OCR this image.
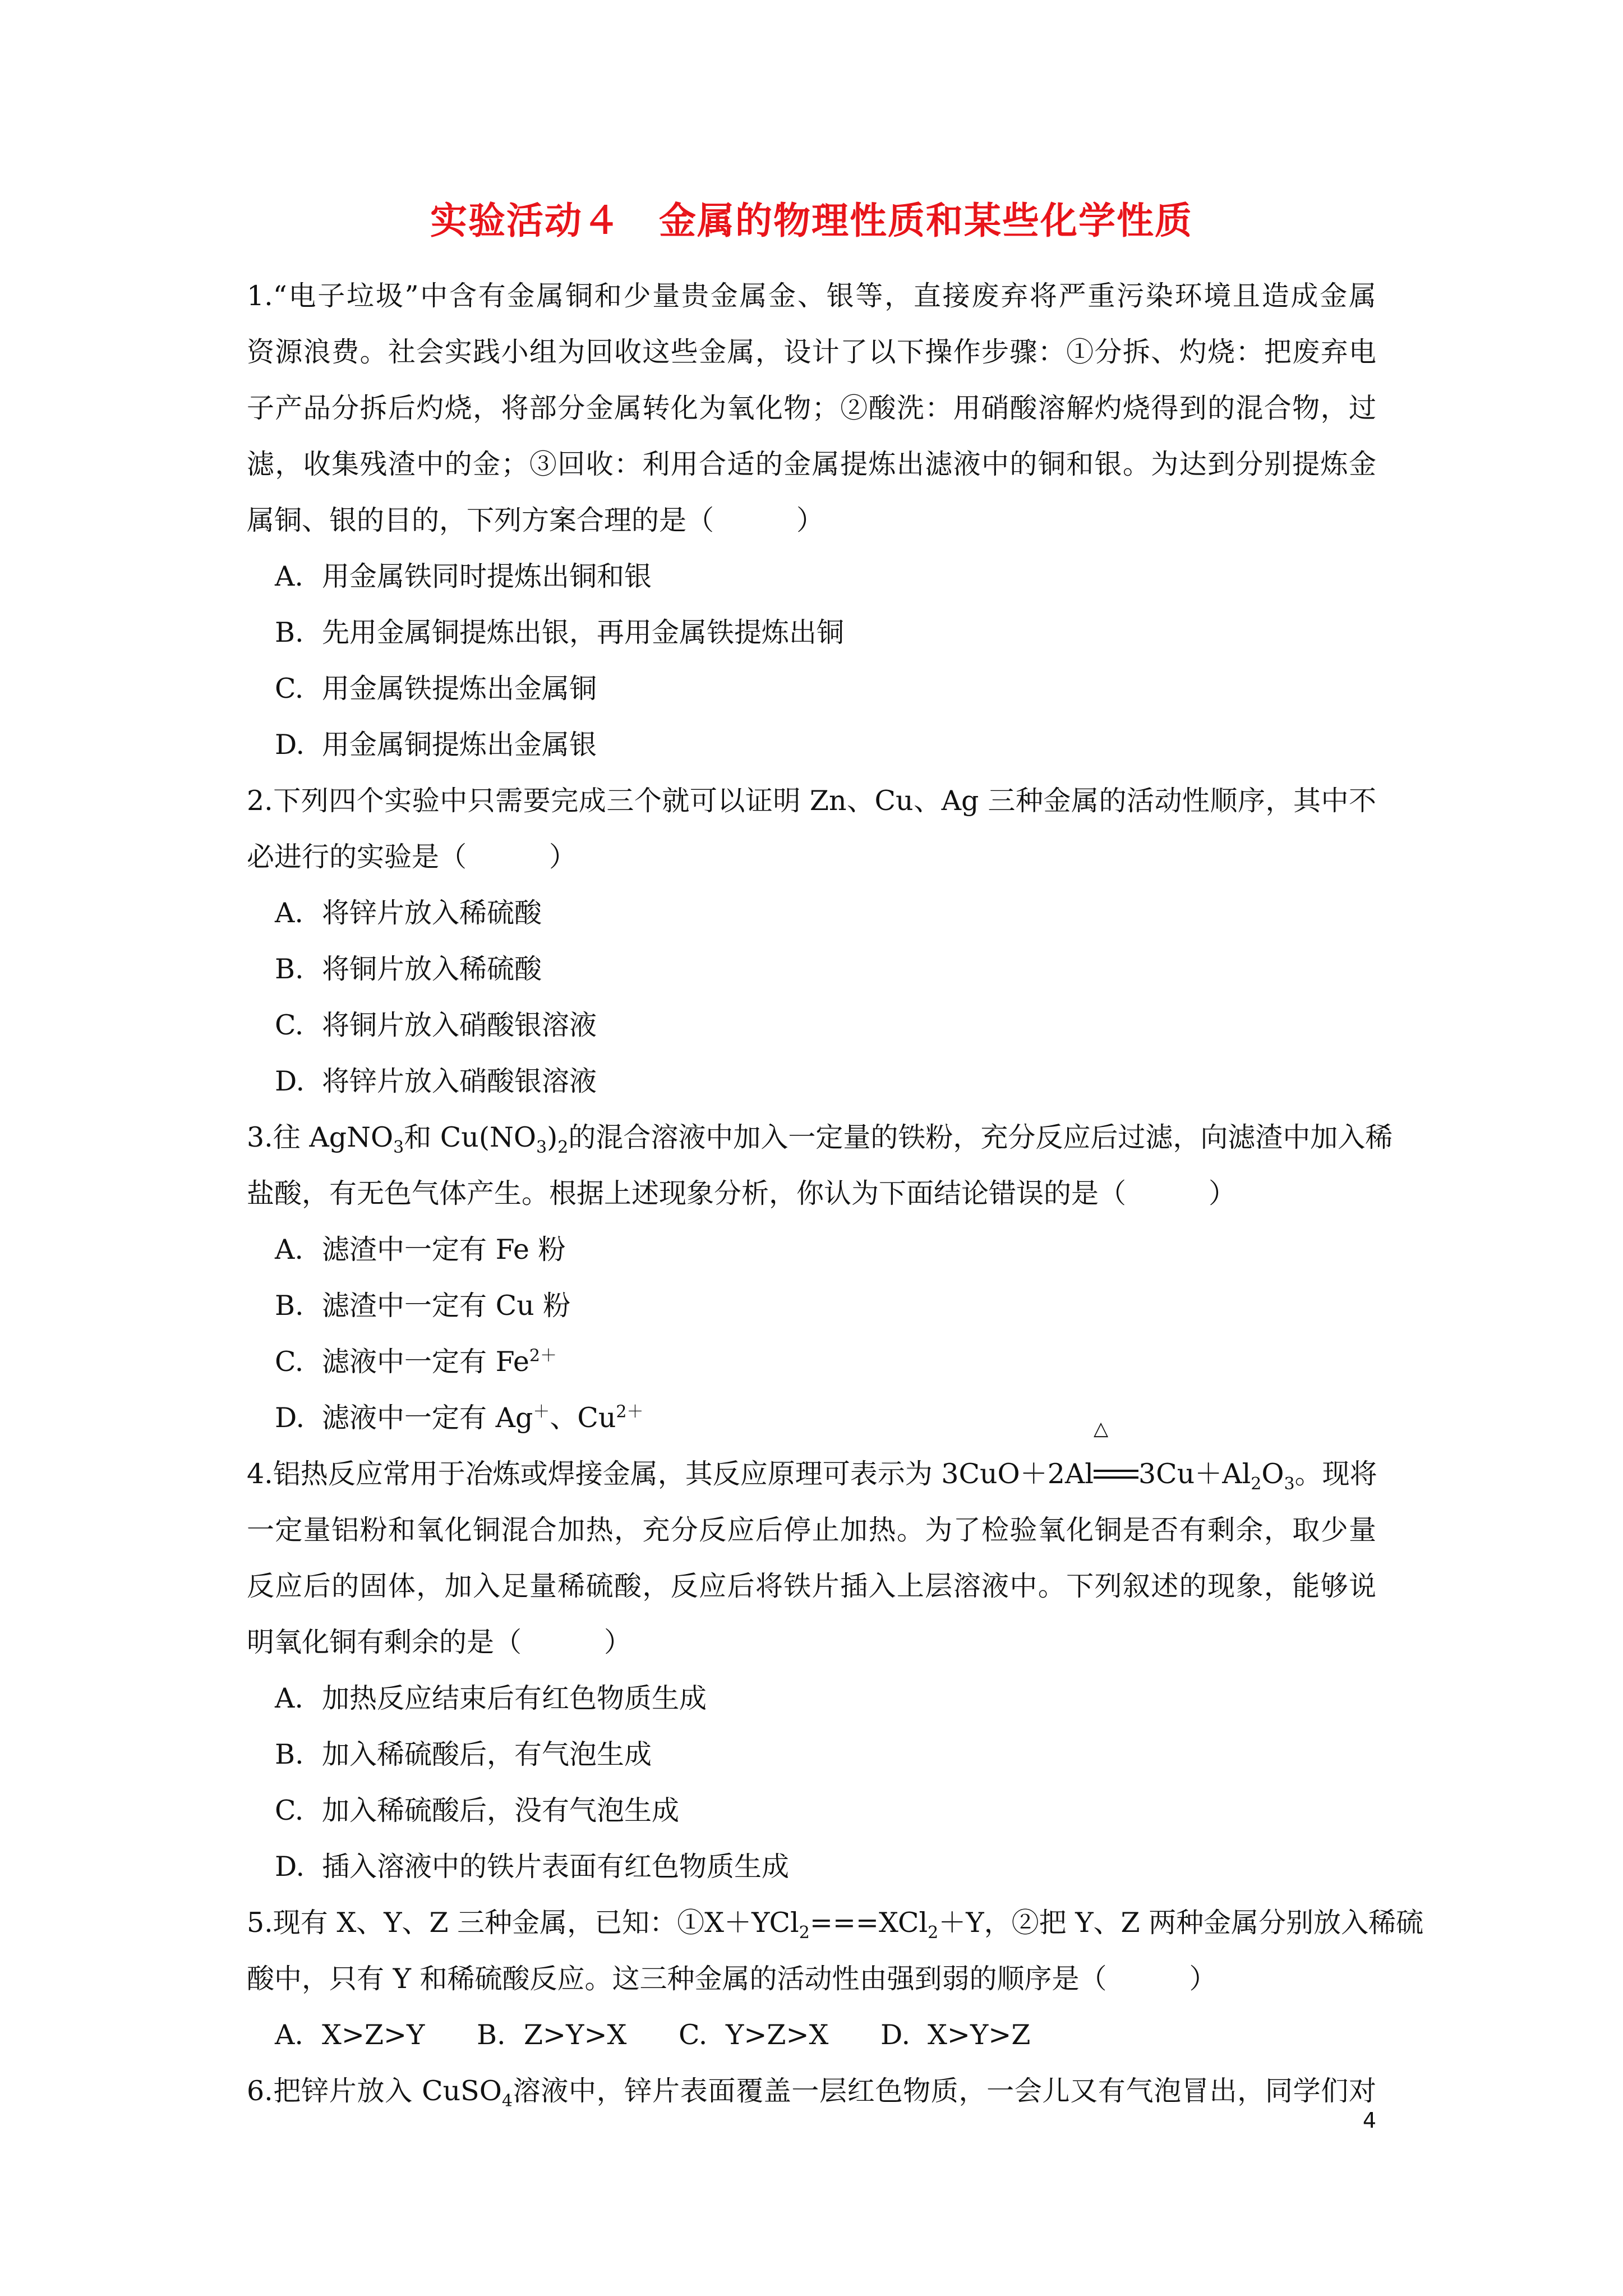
实验活动４　金属的物理性质和某些化学性质
1.“电子垃圾”中含有金属铜和少量贵金属金、银等，直接废弃将严重污染环境且造成金属
资源浪费。社会实践小组为回收这些金属，设计了以下操作步骤：①分拆、灼烧：把废弃电
子产品分拆后灼烧，将部分金属转化为氧化物；②酸洗：用硝酸溶解灼烧得到的混合物，过
滤，收集残渣中的金；③回收：利用合适的金属提炼出滤液中的铜和银。为达到分别提炼金
属铜、银的目的，下列方案合理的是（　　　）
A. 用金属铁同时提炼出铜和银
B. 先用金属铜提炼出银，再用金属铁提炼出铜
C. 用金属铁提炼出金属铜
D. 用金属铜提炼出金属银
2.下列四个实验中只需要完成三个就可以证明 Zn、Cu、Ag 三种金属的活动性顺序，其中不
必进行的实验是（　　　）
A. 将锌片放入稀硫酸
B. 将铜片放入稀硫酸
C. 将铜片放入硝酸银溶液
D. 将锌片放入硝酸银溶液
3.往 AgNO$_3$和 $Cu(NO_3)_2$的混合溶液中加入一定量的铁粉，充分反应后过滤，向滤渣中加入稀
盐酸，有无色气体产生。根据上述现象分析，你认为下面结论错误的是（　　　）
A. 滤渣中一定有 Fe 粉
B. 滤渣中一定有 Cu 粉
C. 滤液中一定有 $Fe^{2+}$
D. 滤液中一定有 Ag＋、$Cu^{2+}$
4.铝热反应常用于冶炼或焊接金属，其反应原理可表示为 3CuO＋2Al
△
$3Cu+Al_2O_3$。现将
一定量铝粉和氧化铜混合加热，充分反应后停止加热。为了检验氧化铜是否有剩余，取少量
反应后的固体，加入足量稀硫酸，反应后将铁片插入上层溶液中。下列叙述的现象，能够说
明氧化铜有剩余的是（　　　）
A. 加热反应结束后有红色物质生成
B. 加入稀硫酸后，有气泡生成
C. 加入稀硫酸后，没有气泡生成
D. 插入溶液中的铁片表面有红色物质生成
5.现有 X、Y、Z 三种金属，已知：①X＋YCl$_2$===XCl$_2$＋Y，②把 Y、Z 两种金属分别放入稀硫
酸中，只有 Y 和稀硫酸反应。这三种金属的活动性由强到弱的顺序是（　　　）
A. X>Z>Y B. Z>Y>X C. Y>Z>X D. X>Y>Z
6.把锌片放入 CuSO$_4$溶液中，锌片表面覆盖一层红色物质，一会儿又有气泡冒出，同学们对
4
